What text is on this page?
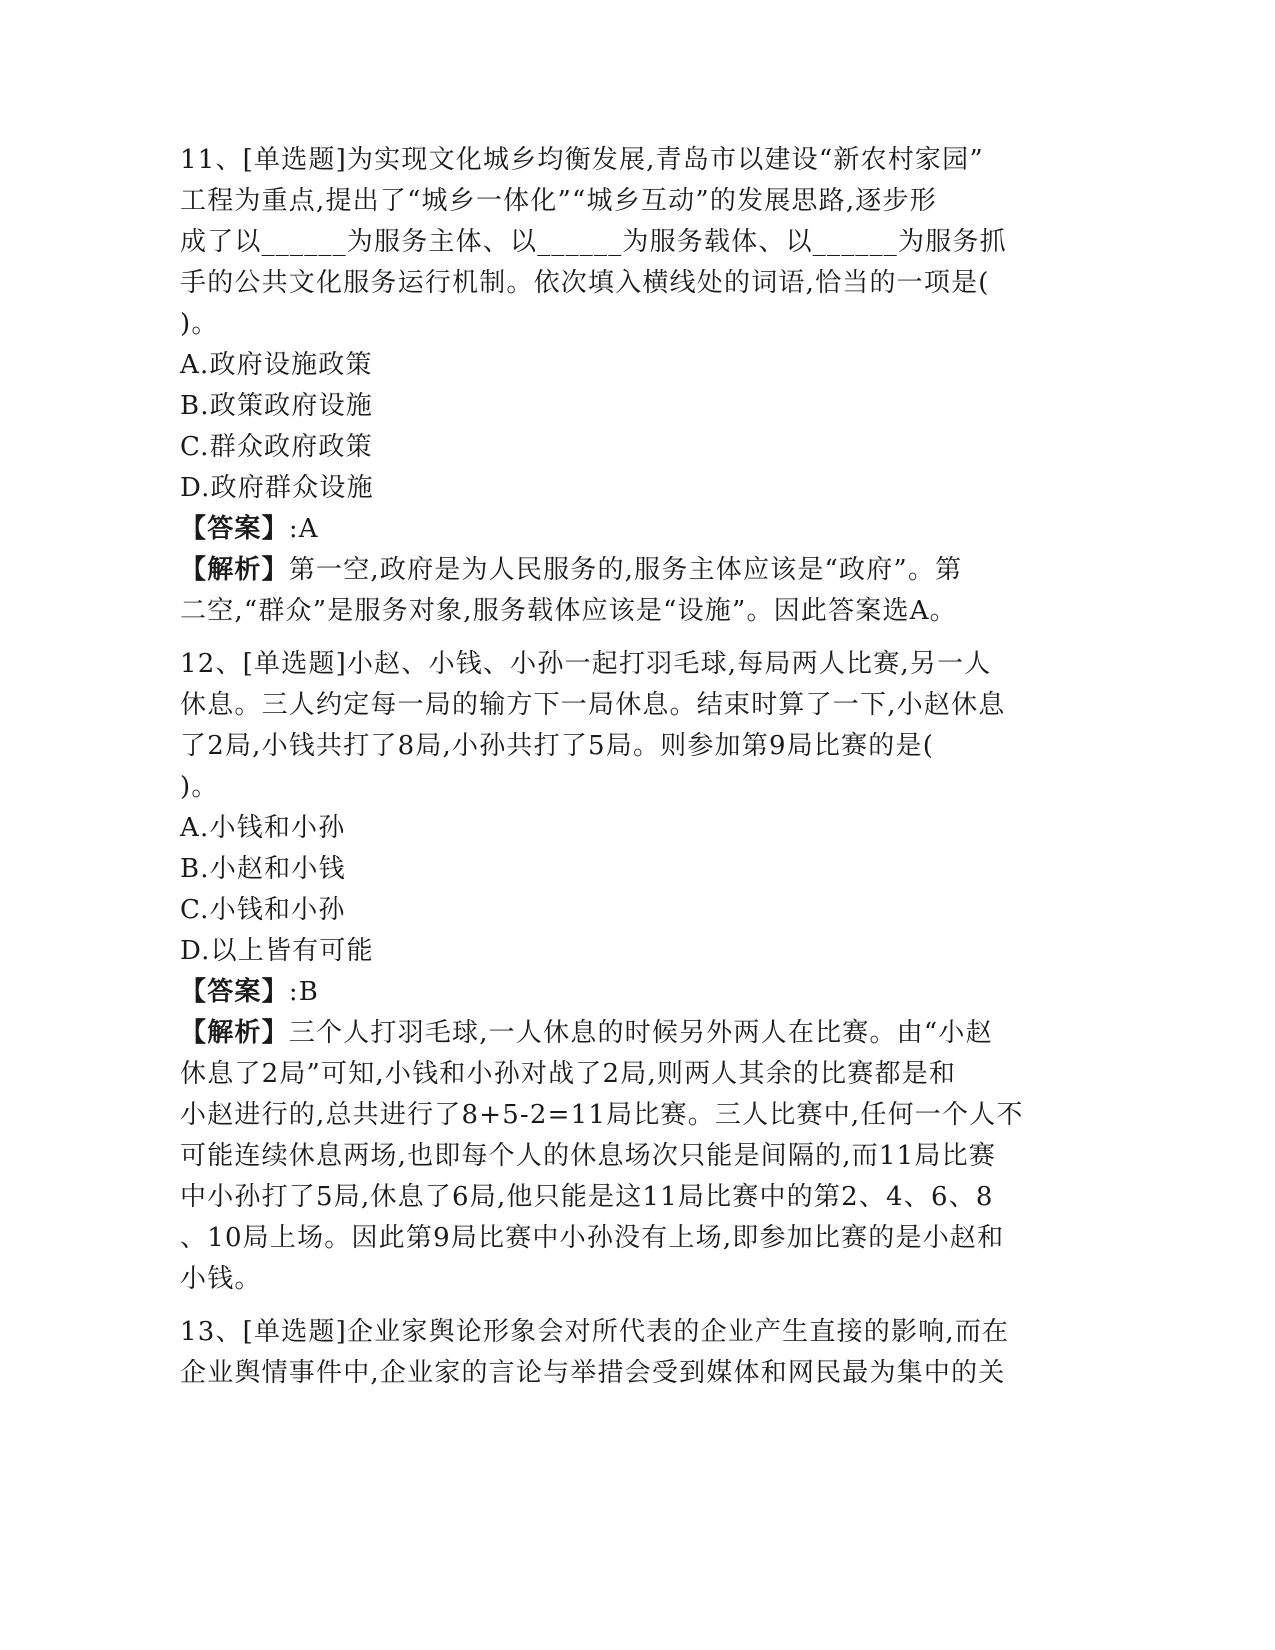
11、[单选题]为实现文化城乡均衡发展,青岛市以建设“新农村家园”
工程为重点,提出了“城乡一体化”“城乡互动”的发展思路,逐步形
成了以______为服务主体、以______为服务载体、以______为服务抓
手的公共文化服务运行机制。依次填入横线处的词语,恰当的一项是(
)。
A.政府设施政策
B.政策政府设施
C.群众政府政策
D.政府群众设施
【答案】:A
【解析】第一空,政府是为人民服务的,服务主体应该是“政府”。第
二空,“群众”是服务对象,服务载体应该是“设施”。因此答案选A。
12、[单选题]小赵、小钱、小孙一起打羽毛球,每局两人比赛,另一人
休息。三人约定每一局的输方下一局休息。结束时算了一下,小赵休息
了2局,小钱共打了8局,小孙共打了5局。则参加第9局比赛的是(
)。
A.小钱和小孙
B.小赵和小钱
C.小钱和小孙
D.以上皆有可能
【答案】:B
【解析】三个人打羽毛球,一人休息的时候另外两人在比赛。由“小赵
休息了2局”可知,小钱和小孙对战了2局,则两人其余的比赛都是和
小赵进行的,总共进行了8+5-2=11局比赛。三人比赛中,任何一个人不
可能连续休息两场,也即每个人的休息场次只能是间隔的,而11局比赛
中小孙打了5局,休息了6局,他只能是这11局比赛中的第2、4、6、8
、10局上场。因此第9局比赛中小孙没有上场,即参加比赛的是小赵和
小钱。
13、[单选题]企业家舆论形象会对所代表的企业产生直接的影响,而在
企业舆情事件中,企业家的言论与举措会受到媒体和网民最为集中的关
